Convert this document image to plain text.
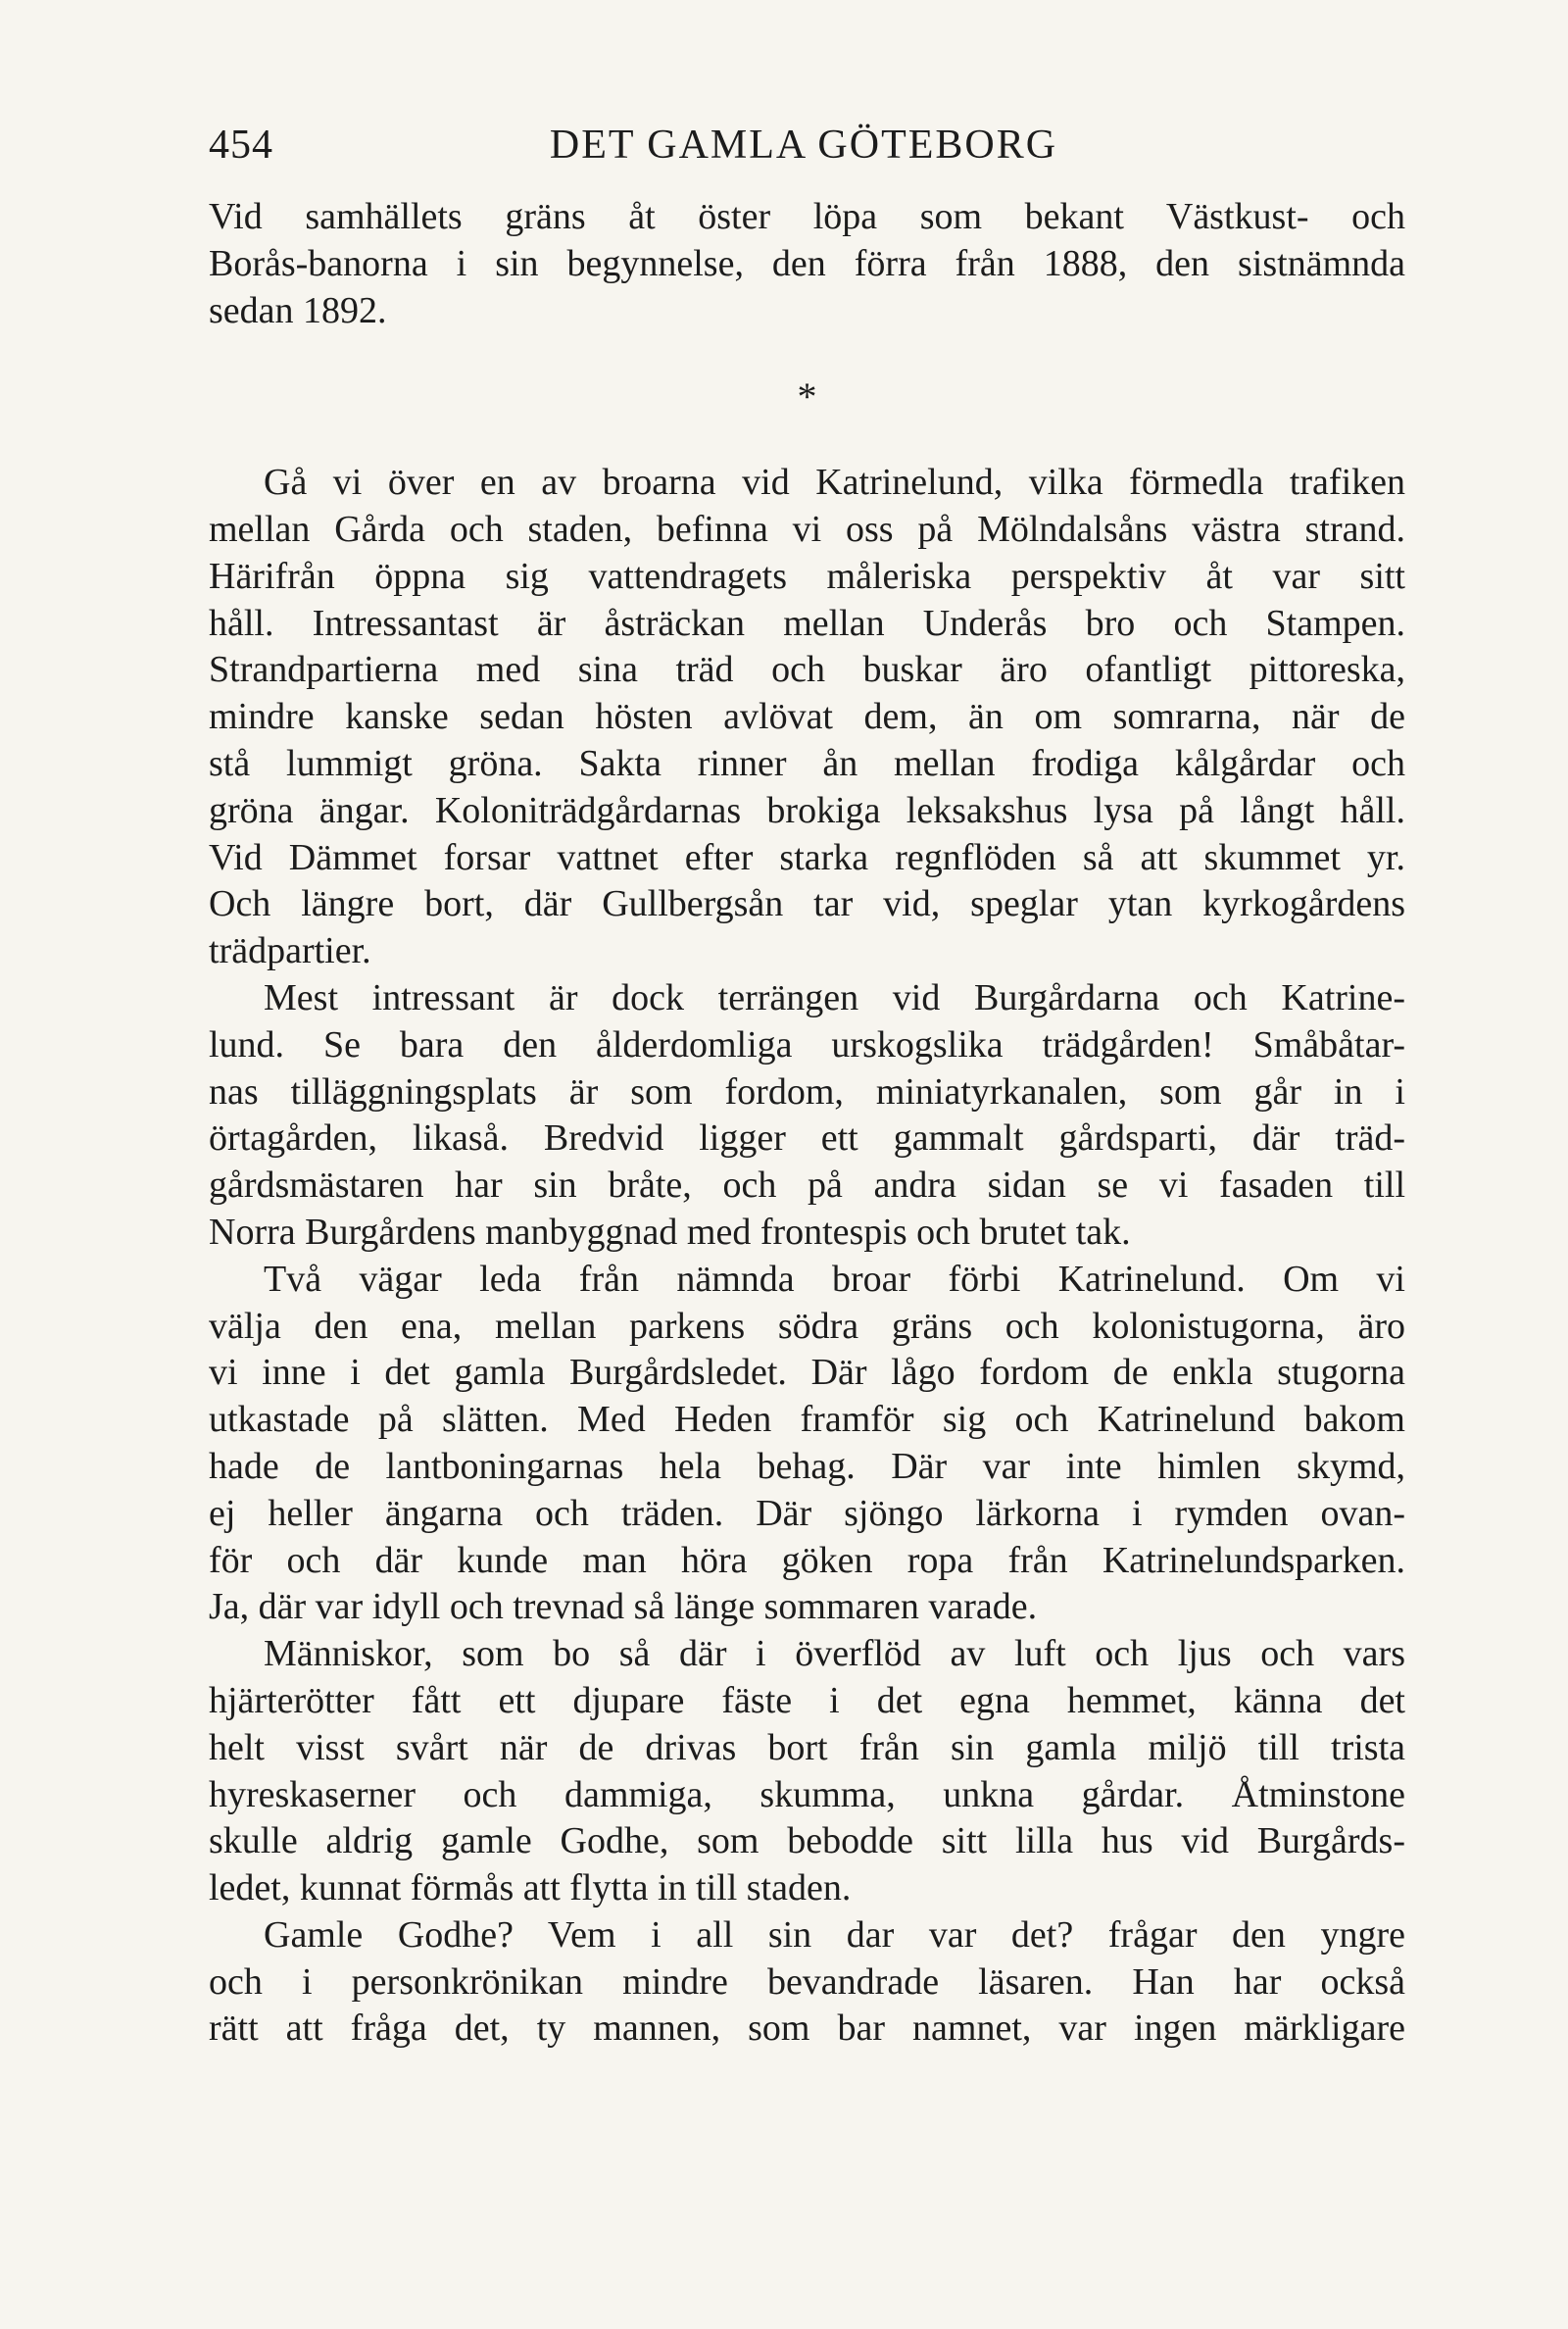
454	DET GAMLA GÖTEBORG
Vid samhällets gräns åt öster löpa som bekant Västkust- och
Borås-banorna i sin begynnelse, den förra från 1888, den sistnämnda
sedan 1892.
*
Gå vi över en av broarna vid Katrinelund, vilka förmedla trafiken
mellan Gårda och staden, befinna vi oss på Mölndalsåns västra strand.
Härifrån öppna sig vattendragets måleriska perspektiv åt var sitt
håll. Intressantast är åsträckan mellan Underås bro och Stampen.
Strandpartierna med sina träd och buskar äro ofantligt pittoreska,
mindre kanske sedan hösten avlövat dem, än om somrarna, när de
stå lummigt gröna. Sakta rinner ån mellan frodiga kålgårdar och
gröna ängar. Koloniträdgårdarnas brokiga leksakshus lysa på långt håll.
Vid Dämmet forsar vattnet efter starka regnflöden så att skummet yr.
Och längre bort, där Gullbergsån tar vid, speglar ytan kyrkogårdens
trädpartier.
Mest intressant är dock terrängen vid Burgårdarna och Katrine-
lund. Se bara den ålderdomliga urskogslika trädgården! Småbåtar-
nas tilläggningsplats är som fordom, miniatyrkanalen, som går in i
örtagården, likaså. Bredvid ligger ett gammalt gårdsparti, där träd-
gårdsmästaren har sin bråte, och på andra sidan se vi fasaden till
Norra Burgårdens manbyggnad med frontespis och brutet tak.
Två vägar leda från nämnda broar förbi Katrinelund. Om vi
välja den ena, mellan parkens södra gräns och kolonistugorna, äro
vi inne i det gamla Burgårdsledet. Där lågo fordom de enkla stugorna
utkastade på slätten. Med Heden framför sig och Katrinelund bakom
hade de lantboningarnas hela behag. Där var inte himlen skymd,
ej heller ängarna och träden. Där sjöngo lärkorna i rymden ovan-
för och där kunde man höra göken ropa från Katrinelundsparken.
Ja, där var idyll och trevnad så länge sommaren varade.
Människor, som bo så där i överflöd av luft och ljus och vars
hjärterötter fått ett djupare fäste i det egna hemmet, känna det
helt visst svårt när de drivas bort från sin gamla miljö till trista
hyreskaserner och dammiga, skumma, unkna gårdar. Åtminstone
skulle aldrig gamle Godhe, som bebodde sitt lilla hus vid Burgårds-
ledet, kunnat förmås att flytta in till staden.
Gamle Godhe? Vem i all sin dar var det? frågar den yngre
och i personkrönikan mindre bevandrade läsaren. Han har också
rätt att fråga det, ty mannen, som bar namnet, var ingen märkligare
